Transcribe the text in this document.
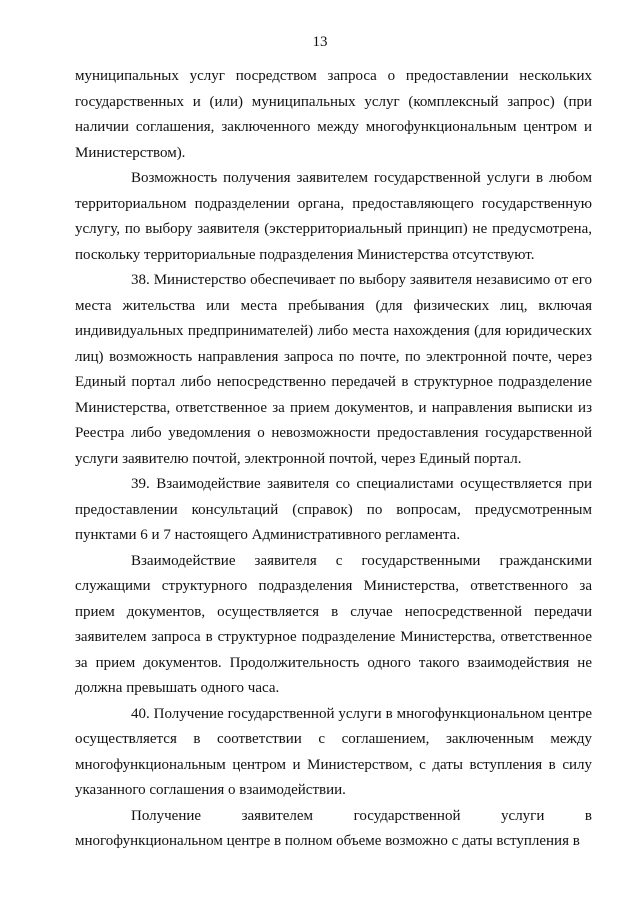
13

муниципальных услуг посредством запроса о предоставлении нескольких государственных и (или) муниципальных услуг (комплексный запрос) (при наличии соглашения, заключенного между многофункциональным центром и Министерством).

Возможность получения заявителем государственной услуги в любом территориальном подразделении органа, предоставляющего государственную услугу, по выбору заявителя (экстерриториальный принцип) не предусмотрена, поскольку территориальные подразделения Министерства отсутствуют.

38. Министерство обеспечивает по выбору заявителя независимо от его места жительства или места пребывания (для физических лиц, включая индивидуальных предпринимателей) либо места нахождения (для юридических лиц) возможность направления запроса по почте, по электронной почте, через Единый портал либо непосредственно передачей в структурное подразделение Министерства, ответственное за прием документов, и направления выписки из Реестра либо уведомления о невозможности предоставления государственной услуги заявителю почтой, электронной почтой, через Единый портал.

39. Взаимодействие заявителя со специалистами осуществляется при предоставлении консультаций (справок) по вопросам, предусмотренным пунктами 6 и 7 настоящего Административного регламента.

Взаимодействие заявителя с государственными гражданскими служащими структурного подразделения Министерства, ответственного за прием документов, осуществляется в случае непосредственной передачи заявителем запроса в структурное подразделение Министерства, ответственное за прием документов. Продолжительность одного такого взаимодействия не должна превышать одного часа.

40. Получение государственной услуги в многофункциональном центре осуществляется в соответствии с соглашением, заключенным между многофункциональным центром и Министерством, с даты вступления в силу указанного соглашения о взаимодействии.

Получение заявителем государственной услуги в многофункциональном центре в полном объеме возможно с даты вступления в
